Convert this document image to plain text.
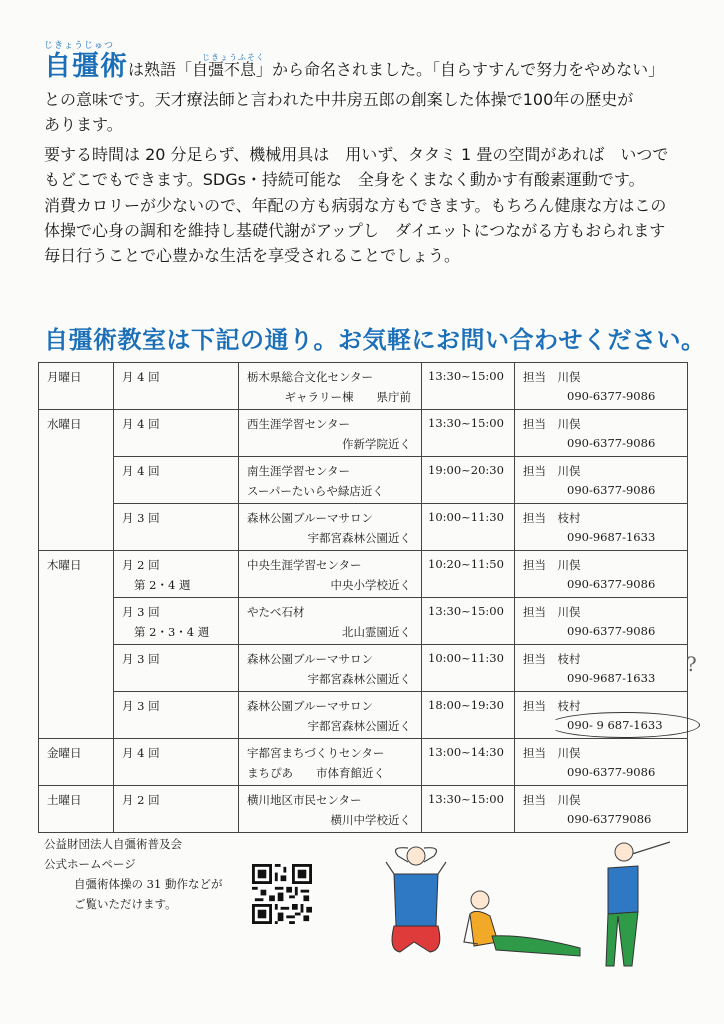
じきょうじゅつ
じきょうふそく
自彊術は熟語「自彊不息」から命名されました。「自らすすんで努力をやめない」
との意味です。天才療法師と言われた中井房五郎の創案した体操で100年の歴史が
あります。
要する時間は 20 分足らず、機械用具は　用いず、タタミ 1 畳の空間があれば　いつで
もどこでもできます。SDGs・持続可能な　全身をくまなく動かす有酸素運動です。
消費カロリーが少ないので、年配の方も病弱な方もできます。もちろん健康な方はこの
体操で心身の調和を維持し基礎代謝がアップし　ダイエットにつながる方もおられます
毎日行うことで心豊かな生活を享受されることでしょう。
自彊術教室は下記の通り。お気軽にお問い合わせください。
月曜日	月 4 回	栃木県総合文化センター
ギャラリー棟　　県庁前	13:30~15:00	担当　川俣
090-6377-9086

水曜日	月 4 回	西生涯学習センター
作新学院近く	13:30~15:00	担当　川俣
090-6377-9086

	月 4 回	南生涯学習センター
スーパーたいらや緑店近く	19:00~20:30	担当　川俣
090-6377-9086

	月 3 回	森林公園ブルーマサロン
宇都宮森林公園近く	10:00~11:30	担当　枝村
090-9687-1633

木曜日	月 2 回
第 2・4 週	中央生涯学習センター
中央小学校近く	10:20~11:50	担当　川俣
090-6377-9086

	月 3 回
第 2・3・4 週	やたべ石材
北山霊園近く	13:30~15:00	担当　川俣
090-6377-9086

	月 3 回	森林公園ブルーマサロン
宇都宮森林公園近く	10:00~11:30	担当　枝村
090-9687-1633

	月 3 回	森林公園ブルーマサロン
宇都宮森林公園近く	18:00~19:30	担当　枝村
090- 9 687-1633

金曜日	月 4 回	宇都宮まちづくりセンター
まちぴあ　　市体育館近く	13:00~14:30	担当　川俣
090-6377-9086

土曜日	月 2 回	横川地区市民センター
横川中学校近く	13:30~15:00	担当　川俣
090-63779086
?
公益財団法人自彊術普及会
公式ホームページ
自彊術体操の 31 動作などが
ご覧いただけます。
